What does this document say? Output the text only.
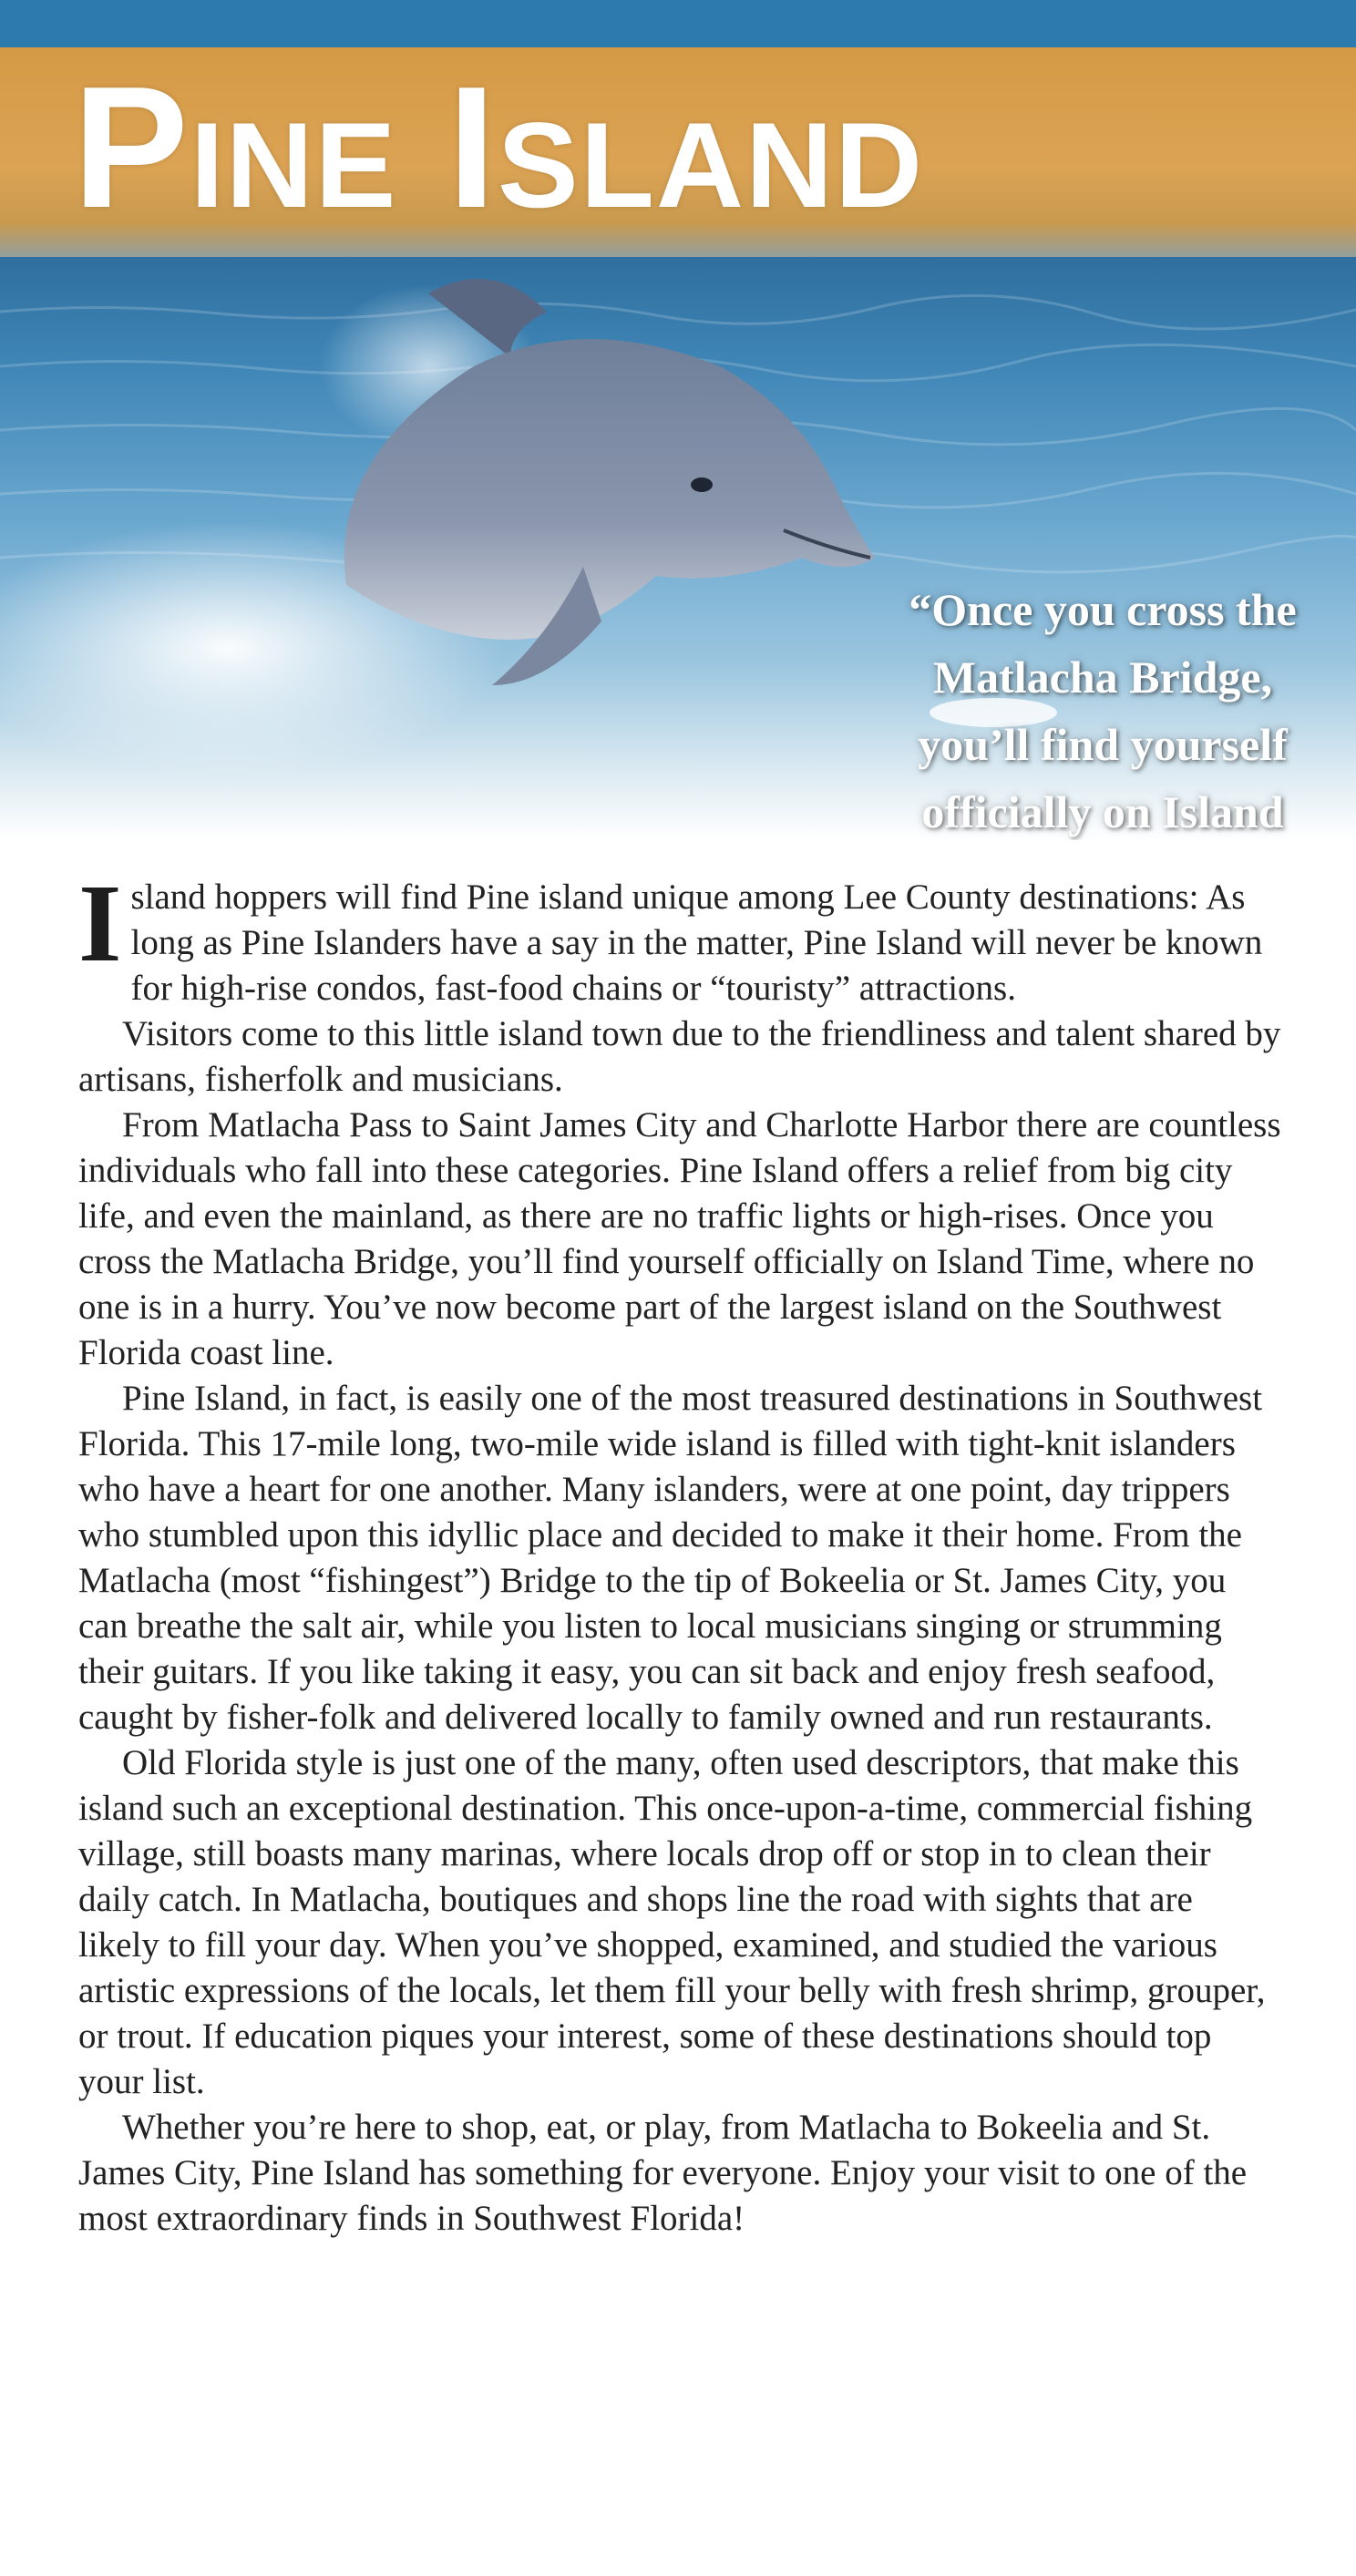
Pine Island

“Once you cross the Matlacha Bridge, you’ll find yourself officially on Island

Island hoppers will find Pine island unique among Lee County destinations: As long as Pine Islanders have a say in the matter, Pine Island will never be known for high-rise condos, fast-food chains or “touristy” attractions.

Visitors come to this little island town due to the friendliness and talent shared by artisans, fisherfolk and musicians.

From Matlacha Pass to Saint James City and Charlotte Harbor there are countless individuals who fall into these categories. Pine Island offers a relief from big city life, and even the mainland, as there are no traffic lights or high-rises. Once you cross the Matlacha Bridge, you’ll find yourself officially on Island Time, where no one is in a hurry. You’ve now become part of the largest island on the Southwest Florida coast line.

Pine Island, in fact, is easily one of the most treasured destinations in Southwest Florida. This 17-mile long, two-mile wide island is filled with tight-knit islanders who have a heart for one another. Many islanders, were at one point, day trippers who stumbled upon this idyllic place and decided to make it their home. From the Matlacha (most “fishingest”) Bridge to the tip of Bokeelia or St. James City, you can breathe the salt air, while you listen to local musicians singing or strumming their guitars. If you like taking it easy, you can sit back and enjoy fresh seafood, caught by fisher-folk and delivered locally to family owned and run restaurants.

Old Florida style is just one of the many, often used descriptors, that make this island such an exceptional destination. This once-upon-a-time, commercial fishing village, still boasts many marinas, where locals drop off or stop in to clean their daily catch. In Matlacha, boutiques and shops line the road with sights that are likely to fill your day. When you’ve shopped, examined, and studied the various artistic expressions of the locals, let them fill your belly with fresh shrimp, grouper, or trout. If education piques your interest, some of these destinations should top your list.

Whether you’re here to shop, eat, or play, from Matlacha to Bokeelia and St. James City, Pine Island has something for everyone. Enjoy your visit to one of the most extraordinary finds in Southwest Florida!
